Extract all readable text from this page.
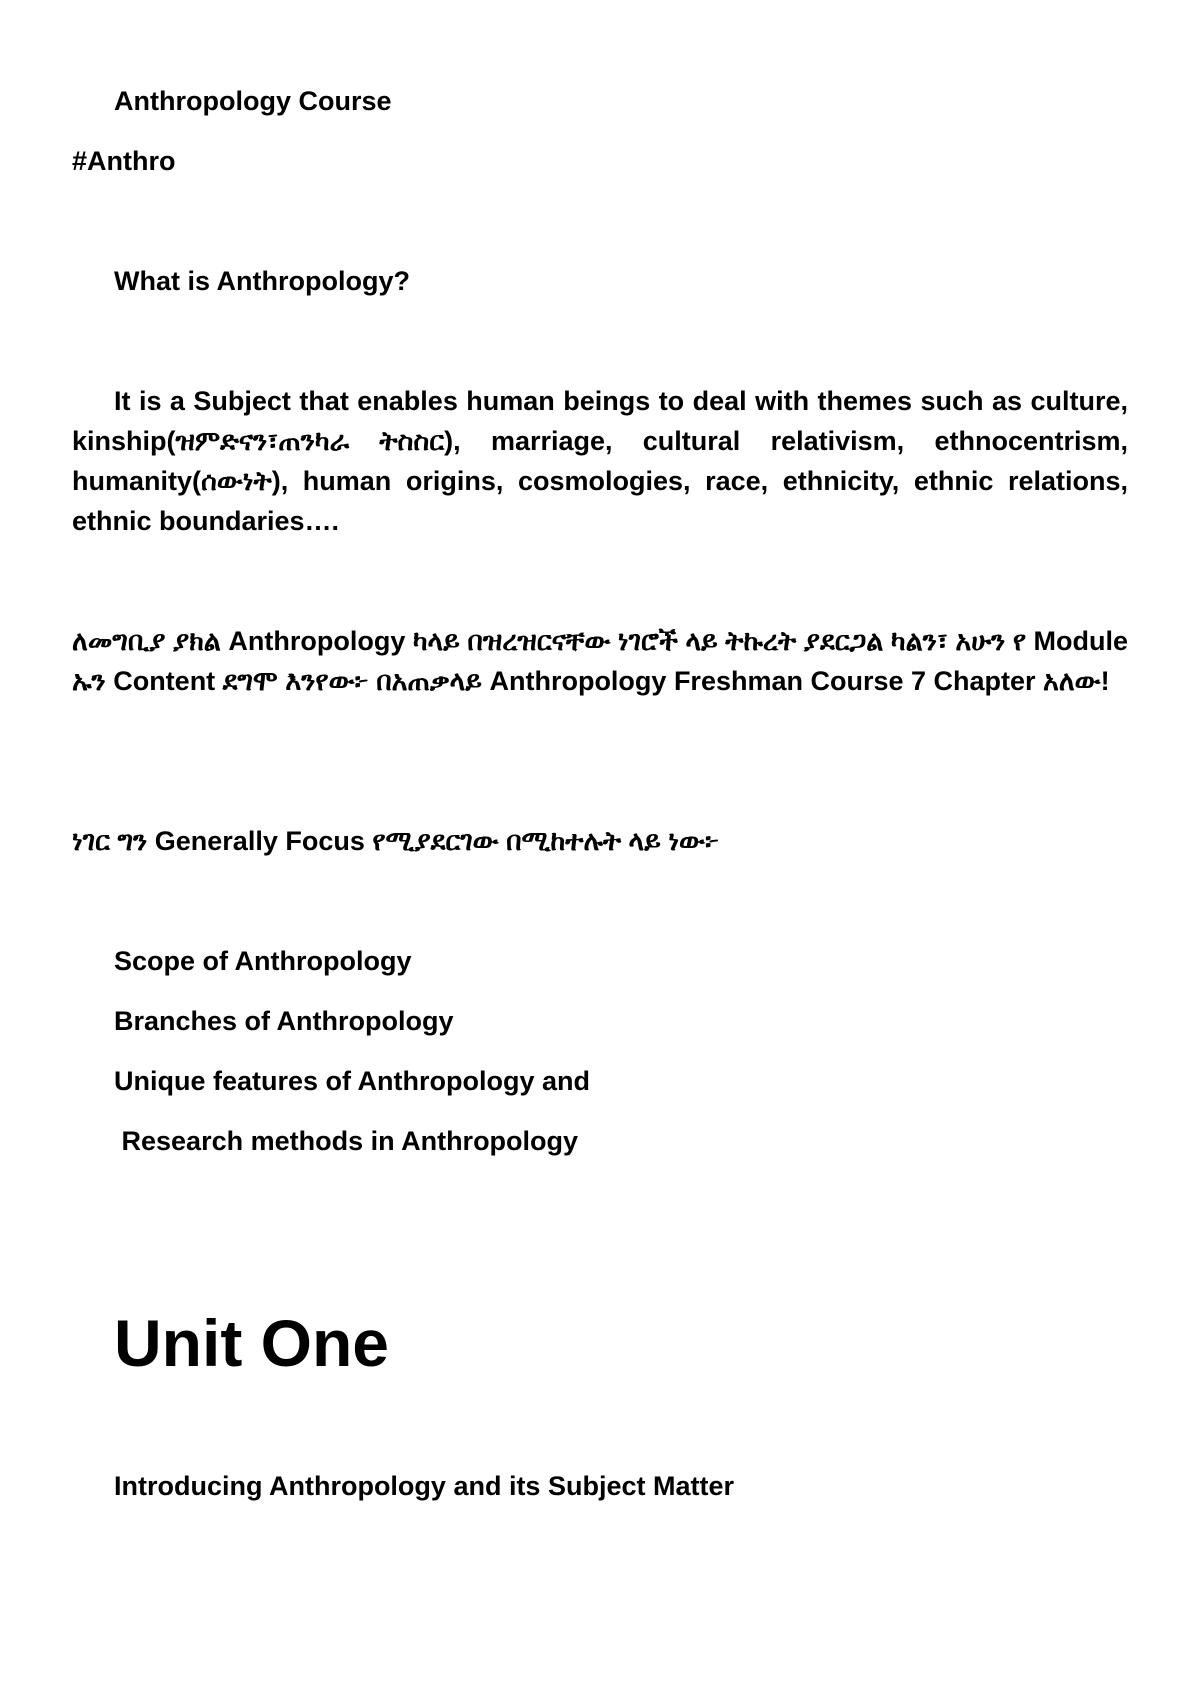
Anthropology Course

#Anthro

What is Anthropology?

It is a Subject that enables human beings to deal with themes such as culture, kinship(ዝምድናን፣ጠንካራ ትስስር), marriage, cultural relativism, ethnocentrism, humanity(ሰውነት), human origins, cosmologies, race, ethnicity, ethnic relations, ethnic boundaries….

ለመግቢያ ያክል Anthropology ካላይ በዝረዝርናቸው ነገሮች ላይ ትኩረት ያደርጋል ካልን፣ አሁን የ Module ኡን Content ደግሞ እንየው፦ በአጠቃላይ Anthropology Freshman Course 7 Chapter አለው!

ነገር ግን Generally Focus የሚያደርገው በሚከተሉት ላይ ነው፦

Scope of Anthropology
Branches of Anthropology
Unique features of Anthropology and
Research methods in Anthropology
Unit One

Introducing Anthropology and its Subject Matter
